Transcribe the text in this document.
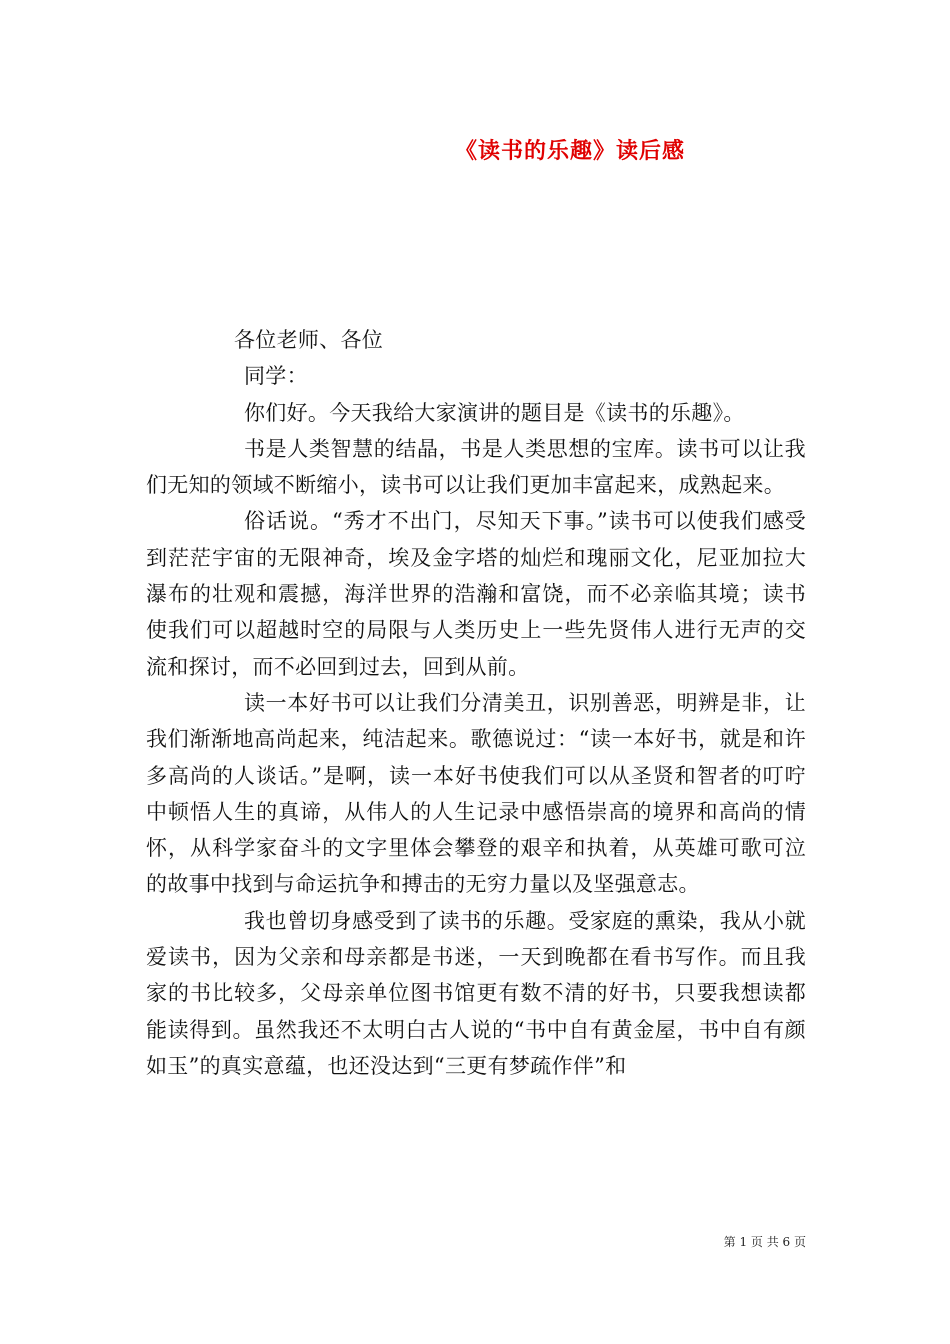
《读书的乐趣》读后感

各位老师、各位

同学：

你们好。今天我给大家演讲的题目是《读书的乐趣》。

书是人类智慧的结晶，书是人类思想的宝库。读书可以让我们无知的领域不断缩小，读书可以让我们更加丰富起来，成熟起来。

俗话说。“秀才不出门，尽知天下事。”读书可以使我们感受到茫茫宇宙的无限神奇，埃及金字塔的灿烂和瑰丽文化，尼亚加拉大瀑布的壮观和震撼，海洋世界的浩瀚和富饶，而不必亲临其境；读书使我们可以超越时空的局限与人类历史上一些先贤伟人进行无声的交流和探讨，而不必回到过去，回到从前。

读一本好书可以让我们分清美丑，识别善恶，明辨是非，让我们渐渐地高尚起来，纯洁起来。歌德说过：“读一本好书，就是和许多高尚的人谈话。”是啊，读一本好书使我们可以从圣贤和智者的叮咛中顿悟人生的真谛，从伟人的人生记录中感悟崇高的境界和高尚的情怀，从科学家奋斗的文字里体会攀登的艰辛和执着，从英雄可歌可泣的故事中找到与命运抗争和搏击的无穷力量以及坚强意志。

我也曾切身感受到了读书的乐趣。受家庭的熏染，我从小就爱读书，因为父亲和母亲都是书迷，一天到晚都在看书写作。而且我家的书比较多，父母亲单位图书馆更有数不清的好书，只要我想读都能读得到。虽然我还不太明白古人说的“书中自有黄金屋，书中自有颜如玉”的真实意蕴，也还没达到“三更有梦疏作伴”和

第 1 页 共 6 页
